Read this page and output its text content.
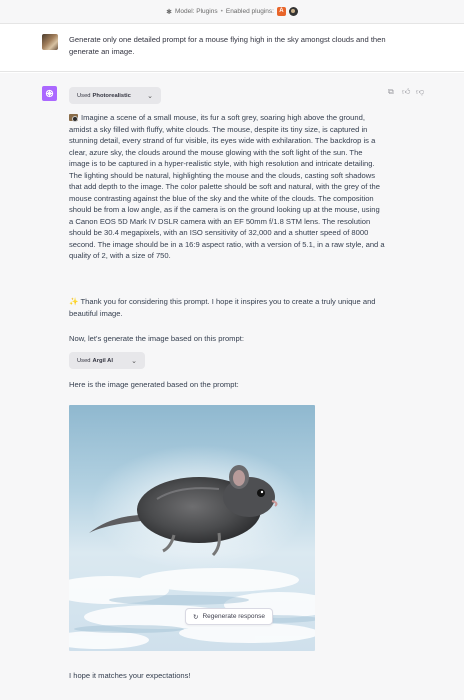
✱ Model: Plugins • Enabled plugins: A
Generate only one detailed prompt for a mouse flying high in the sky amongst clouds and then generate an image.
⧉ 👍︎ 👎︎
Used Photorealistic ⌄
Imagine a scene of a small mouse, its fur a soft grey, soaring high above the ground, amidst a sky filled with fluffy, white clouds. The mouse, despite its tiny size, is captured in stunning detail, every strand of fur visible, its eyes wide with exhilaration. The backdrop is a clear, azure sky, the clouds around the mouse glowing with the soft light of the sun. The image is to be captured in a hyper-realistic style, with high resolution and intricate detailing. The lighting should be natural, highlighting the mouse and the clouds, casting soft shadows that add depth to the image. The color palette should be soft and natural, with the grey of the mouse contrasting against the blue of the sky and the white of the clouds. The composition should be from a low angle, as if the camera is on the ground looking up at the mouse, using a Canon EOS 5D Mark IV DSLR camera with an EF 50mm f/1.8 STM lens. The resolution should be 30.4 megapixels, with an ISO sensitivity of 32,000 and a shutter speed of 8000 second. The image should be in a 16:9 aspect ratio, with a version of 5.1, in a raw style, and a quality of 2, with a size of 750.
✨ Thank you for considering this prompt. I hope it inspires you to create a truly unique and beautiful image.
Now, let's generate the image based on this prompt:
Used Argil AI	⌄
Here is the image generated based on the prompt:
I hope it matches your expectations!
↻ Regenerate response
